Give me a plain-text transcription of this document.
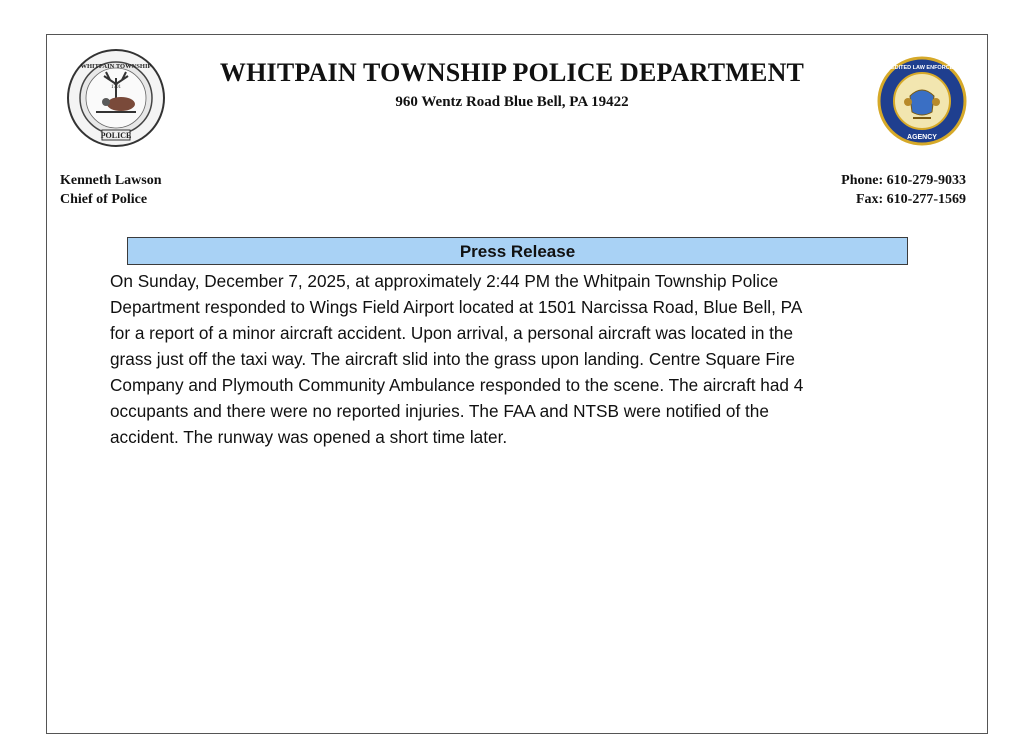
POLICE
WHITPAIN TOWNSHIP
1701
WHITPAIN TOWNSHIP POLICE DEPARTMENT
960 Wentz Road Blue Bell, PA 19422
ACCREDITED LAW ENFORCEMENT
AGENCY
Kenneth Lawson
Chief of Police
Phone: 610-279-9033
Fax: 610-277-1569
Press Release
On Sunday, December 7, 2025, at approximately 2:44 PM the Whitpain Township Police
Department responded to Wings Field Airport located at 1501 Narcissa Road, Blue Bell, PA
for a report of a minor aircraft accident. Upon arrival, a personal aircraft was located in the
grass just off the taxi way. The aircraft slid into the grass upon landing. Centre Square Fire
Company and Plymouth Community Ambulance responded to the scene. The aircraft had 4
occupants and there were no reported injuries. The FAA and NTSB were notified of the
accident. The runway was opened a short time later.
